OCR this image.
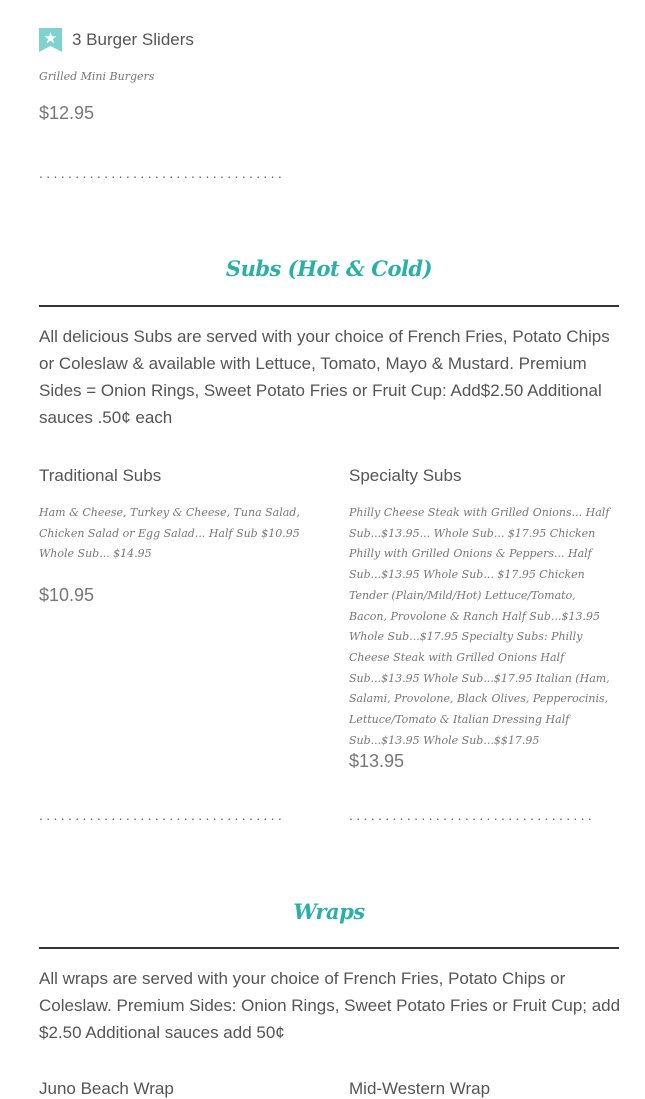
3 Burger Sliders
Grilled Mini Burgers
$12.95
..................................
Subs (Hot & Cold)
All delicious Subs are served with your choice of French Fries, Potato Chips or Coleslaw & available with Lettuce, Tomato, Mayo & Mustard. Premium Sides = Onion Rings, Sweet Potato Fries or Fruit Cup: Add$2.50 Additional sauces .50¢ each
Traditional Subs
Ham & Cheese, Turkey & Cheese, Tuna Salad, Chicken Salad or Egg Salad... Half Sub $10.95 Whole Sub... $14.95
$10.95
Specialty Subs
Philly Cheese Steak with Grilled Onions... Half Sub...$13.95... Whole Sub... $17.95 Chicken Philly with Grilled Onions & Peppers... Half Sub...$13.95 Whole Sub... $17.95 Chicken Tender (Plain/Mild/Hot) Lettuce/Tomato, Bacon, Provolone & Ranch Half Sub...$13.95 Whole Sub...$17.95 Specialty Subs: Philly Cheese Steak with Grilled Onions Half Sub...$13.95 Whole Sub...$17.95 Italian (Ham, Salami, Provolone, Black Olives, Pepperocinis, Lettuce/Tomato & Italian Dressing Half Sub...$13.95 Whole Sub...$$17.95
$13.95
..................................	..................................
Wraps
All wraps are served with your choice of French Fries, Potato Chips or Coleslaw. Premium Sides: Onion Rings, Sweet Potato Fries or Fruit Cup; add $2.50 Additional sauces add 50¢
Juno Beach Wrap	Mid-Western Wrap
